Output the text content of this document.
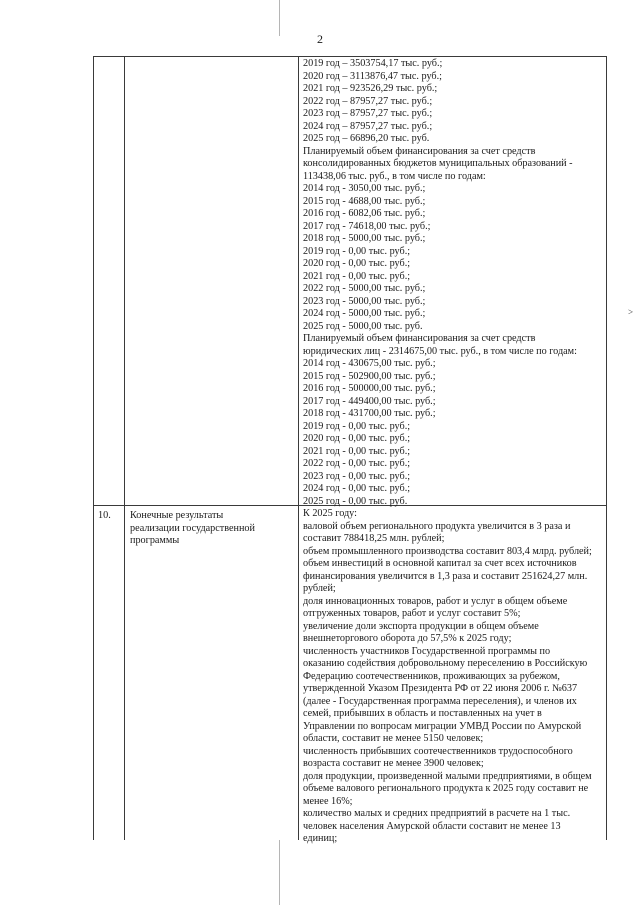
2
2019 год – 3503754,17 тыс. руб.;
2020 год – 3113876,47 тыс. руб.;
2021 год – 923526,29 тыс. руб.;
2022 год – 87957,27 тыс. руб.;
2023 год – 87957,27 тыс. руб.;
2024 год – 87957,27 тыс. руб.;
2025 год – 66896,20 тыс. руб.
Планируемый объем финансирования за счет средств
консолидированных бюджетов муниципальных образований -
113438,06 тыс. руб., в том числе по годам:
2014 год - 3050,00 тыс. руб.;
2015 год - 4688,00 тыс. руб.;
2016 год - 6082,06 тыс. руб.;
2017 год - 74618,00 тыс. руб.;
2018 год - 5000,00 тыс. руб.;
2019 год - 0,00 тыс. руб.;
2020 год - 0,00 тыс. руб.;
2021 год - 0,00 тыс. руб.;
2022 год - 5000,00 тыс. руб.;
2023 год - 5000,00 тыс. руб.;
2024 год - 5000,00 тыс. руб.;
2025 год - 5000,00 тыс. руб.
Планируемый объем финансирования за счет средств
юридических лиц - 2314675,00 тыс. руб., в том числе по годам:
2014 год - 430675,00 тыс. руб.;
2015 год - 502900,00 тыс. руб.;
2016 год - 500000,00 тыс. руб.;
2017 год - 449400,00 тыс. руб.;
2018 год - 431700,00 тыс. руб.;
2019 год - 0,00 тыс. руб.;
2020 год - 0,00 тыс. руб.;
2021 год - 0,00 тыс. руб.;
2022 год - 0,00 тыс. руб.;
2023 год - 0,00 тыс. руб.;
2024 год - 0,00 тыс. руб.;
2025 год - 0,00 тыс. руб.
10. Конечные результаты
реализации государственной
программы
К 2025 году:
валовой объем регионального продукта увеличится в 3 раза и
составит 788418,25 млн. рублей;
объем промышленного производства составит 803,4 млрд. рублей;
объем инвестиций в основной капитал за счет всех источников
финансирования увеличится в 1,3 раза и составит 251624,27 млн.
рублей;
доля инновационных товаров, работ и услуг в общем объеме
отгруженных товаров, работ и услуг составит 5%;
увеличение доли экспорта продукции в общем объеме
внешнеторгового оборота до 57,5% к 2025 году;
численность участников Государственной программы по
оказанию содействия добровольному переселению в Российскую
Федерацию соотечественников, проживающих за рубежом,
утвержденной Указом Президента РФ от 22 июня 2006 г. №637
(далее - Государственная программа переселения), и членов их
семей, прибывших в область и поставленных на учет в
Управлении по вопросам миграции УМВД России по Амурской
области, составит не менее 5150 человек;
численность прибывших соотечественников трудоспособного
возраста составит не менее 3900 человек;
доля продукции, произведенной малыми предприятиями, в общем
объеме валового регионального продукта к 2025 году составит не
менее 16%;
количество малых и средних предприятий в расчете на 1 тыс.
человек населения Амурской области составит не менее 13
единиц;
˃
